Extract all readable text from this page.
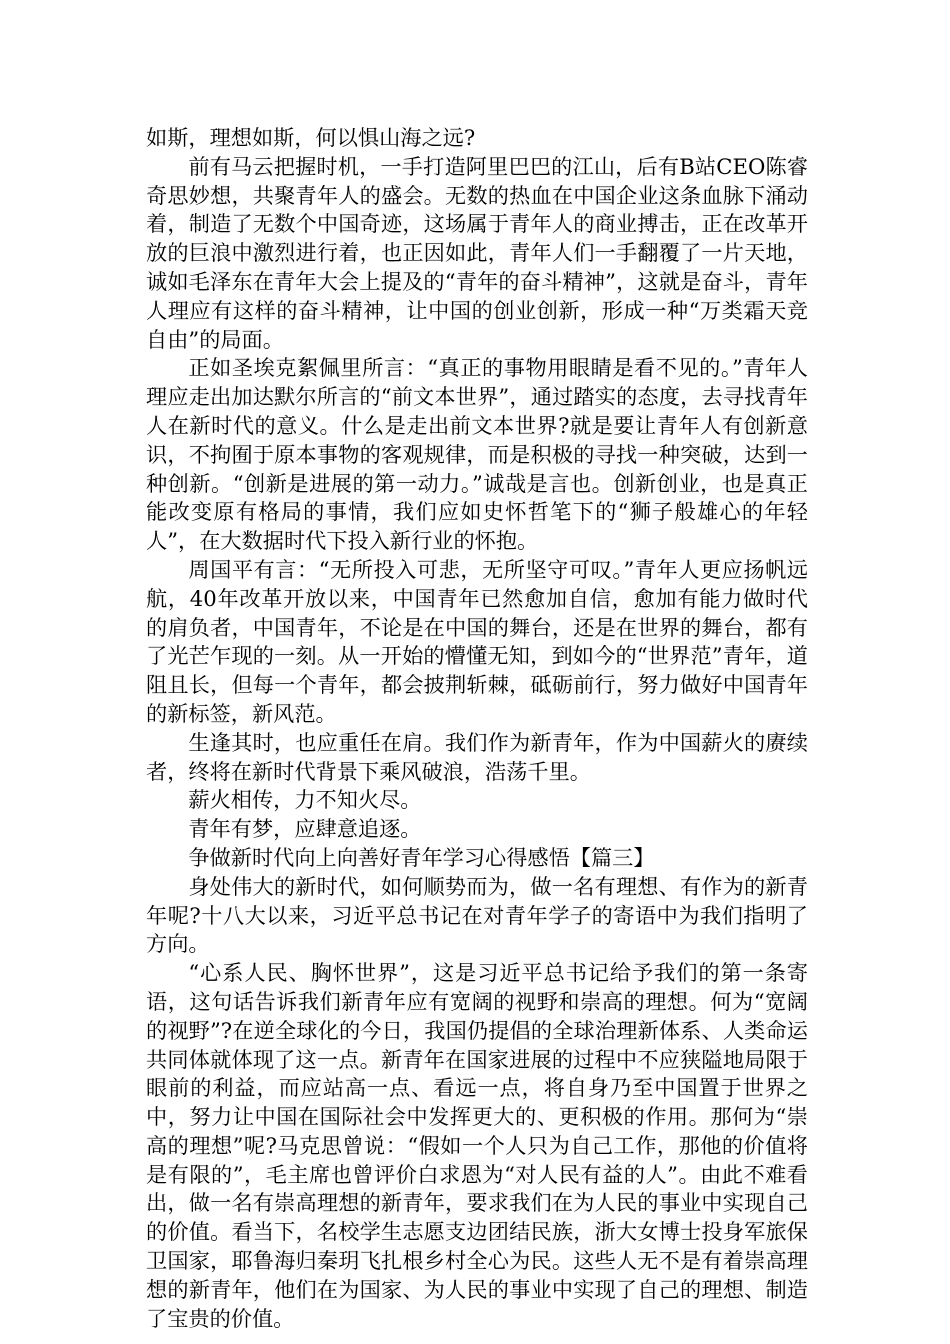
如斯，理想如斯，何以惧山海之远?

前有马云把握时机，一手打造阿里巴巴的江山，后有B站CEO陈睿奇思妙想，共聚青年人的盛会。无数的热血在中国企业这条血脉下涌动着，制造了无数个中国奇迹，这场属于青年人的商业搏击，正在改革开放的巨浪中激烈进行着，也正因如此，青年人们一手翻覆了一片天地，诚如毛泽东在青年大会上提及的“青年的奋斗精神”，这就是奋斗，青年人理应有这样的奋斗精神，让中国的创业创新，形成一种“万类霜天竞自由”的局面。

正如圣埃克絮佩里所言：“真正的事物用眼睛是看不见的。”青年人理应走出加达默尔所言的“前文本世界”，通过踏实的态度，去寻找青年人在新时代的意义。什么是走出前文本世界?就是要让青年人有创新意识，不拘囿于原本事物的客观规律，而是积极的寻找一种突破，达到一种创新。“创新是进展的第一动力。”诚哉是言也。创新创业，也是真正能改变原有格局的事情，我们应如史怀哲笔下的“狮子般雄心的年轻人”，在大数据时代下投入新行业的怀抱。

周国平有言：“无所投入可悲，无所坚守可叹。”青年人更应扬帆远航，40年改革开放以来，中国青年已然愈加自信，愈加有能力做时代的肩负者，中国青年，不论是在中国的舞台，还是在世界的舞台，都有了光芒乍现的一刻。从一开始的懵懂无知，到如今的“世界范”青年，道阻且长，但每一个青年，都会披荆斩棘，砥砺前行，努力做好中国青年的新标签，新风范。

生逢其时，也应重任在肩。我们作为新青年，作为中国薪火的赓续者，终将在新时代背景下乘风破浪，浩荡千里。

薪火相传，力不知火尽。

青年有梦，应肆意追逐。

争做新时代向上向善好青年学习心得感悟【篇三】

身处伟大的新时代，如何顺势而为，做一名有理想、有作为的新青年呢?十八大以来，习近平总书记在对青年学子的寄语中为我们指明了方向。

“心系人民、胸怀世界”，这是习近平总书记给予我们的第一条寄语，这句话告诉我们新青年应有宽阔的视野和崇高的理想。何为“宽阔的视野”?在逆全球化的今日，我国仍提倡的全球治理新体系、人类命运共同体就体现了这一点。新青年在国家进展的过程中不应狭隘地局限于眼前的利益，而应站高一点、看远一点，将自身乃至中国置于世界之中，努力让中国在国际社会中发挥更大的、更积极的作用。那何为“崇高的理想”呢?马克思曾说：“假如一个人只为自己工作，那他的价值将是有限的”，毛主席也曾评价白求恩为“对人民有益的人”。由此不难看出，做一名有崇高理想的新青年，要求我们在为人民的事业中实现自己的价值。看当下，名校学生志愿支边团结民族，浙大女博士投身军旅保卫国家，耶鲁海归秦玥飞扎根乡村全心为民。这些人无不是有着崇高理想的新青年，他们在为国家、为人民的事业中实现了自己的理想、制造了宝贵的价值。
